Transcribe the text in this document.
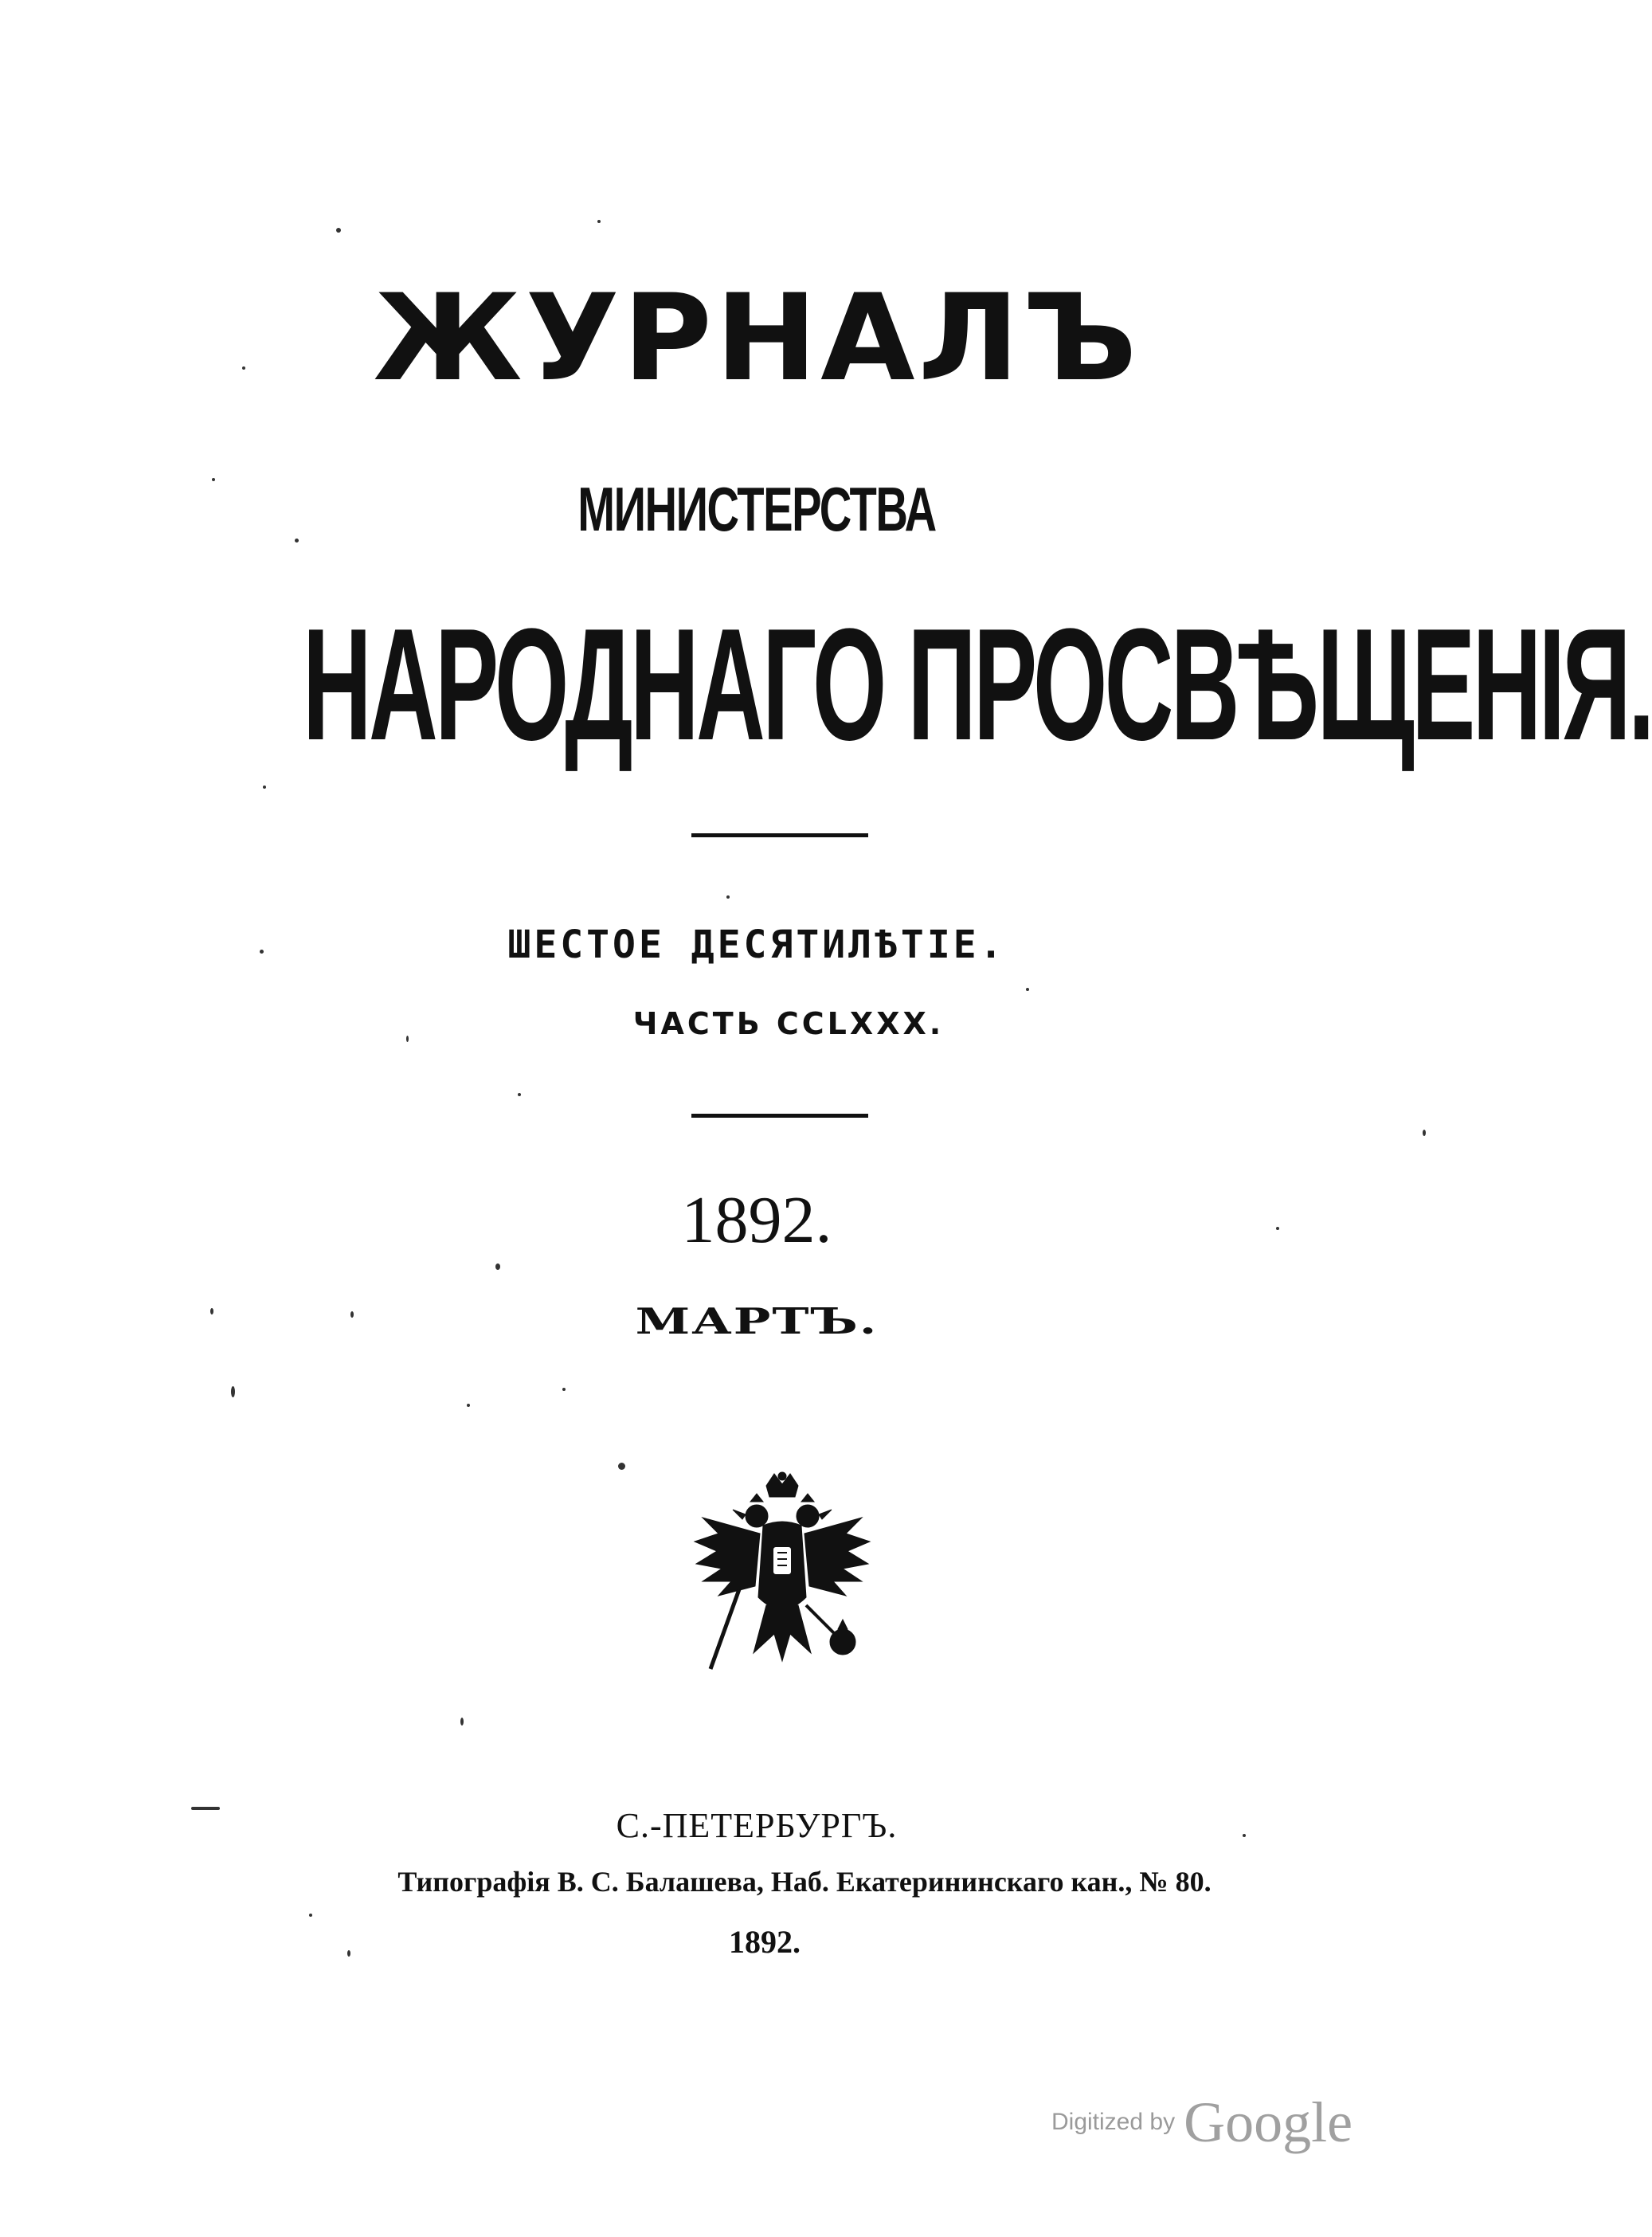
ЖУРНАЛЪ
МИНИСТЕРСТВА
НАРОДНАГО ПРОСВѢЩЕНІЯ.
ШЕСТОЕ ДЕСЯТИЛѢТІЕ.
ЧАСТЬ CCLXXX.
1892.
МАРТЪ.
С.-ПЕТЕРБУРГЪ.
Типографія В. С. Балашева, Наб. Екатерининскаго кан., № 80.
1892.
Digitized by Google
